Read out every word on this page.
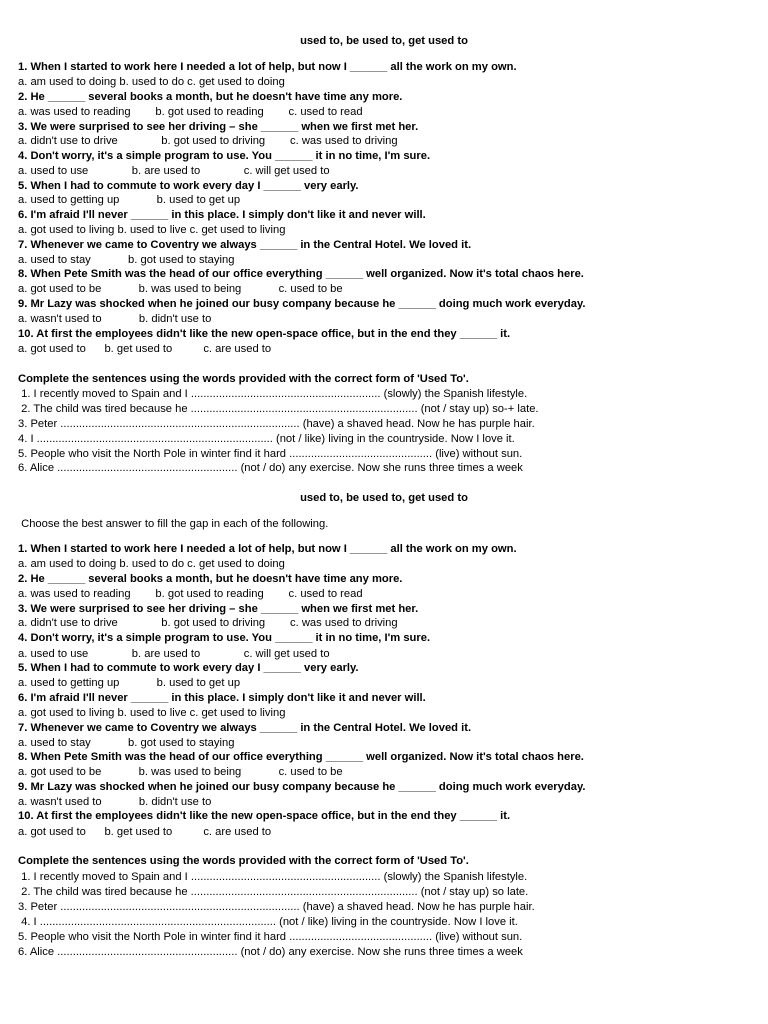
used to, be used to, get used to
1. When I started to work here I needed a lot of help, but now I ______ all the work on my own.
a. am used to doing b. used to do c. get used to doing
2. He ______ several books a month, but he doesn't have time any more.
a. was used to reading        b. got used to reading        c. used to read
3. We were surprised to see her driving – she ______ when we first met her.
a. didn't use to drive              b. got used to driving        c. was used to driving
4. Don't worry, it's a simple program to use. You ______ it in no time, I'm sure.
a. used to use              b. are used to              c. will get used to
5. When I had to commute to work every day I ______ very early.
a. used to getting up            b. used to get up
6. I'm afraid I'll never ______ in this place. I simply don't like it and never will.
a. got used to living b. used to live c. get used to living
7. Whenever we came to Coventry we always ______ in the Central Hotel. We loved it.
a. used to stay            b. got used to staying
8. When Pete Smith was the head of our office everything ______ well organized. Now it's total chaos here.
a. got used to be            b. was used to being            c. used to be
9. Mr Lazy was shocked when he joined our busy company because he ______ doing much work everyday.
a. wasn't used to            b. didn't use to
10. At first the employees didn't like the new open-space office, but in the end they ______ it.
a. got used to      b. get used to          c. are used to
Complete the sentences using the words provided with the correct form of 'Used To'.
1. I recently moved to Spain and I ............................................................. (slowly) the Spanish lifestyle.
2. The child was tired because he ......................................................................... (not / stay up) so-+ late.
3. Peter ............................................................................. (have) a shaved head. Now he has purple hair.
4. I ............................................................................ (not / like) living in the countryside. Now I love it.
5. People who visit the North Pole in winter find it hard .............................................. (live) without sun.
6. Alice .......................................................... (not / do) any exercise. Now she runs three times a week
used to, be used to, get used to
Choose the best answer to fill the gap in each of the following.
1. When I started to work here I needed a lot of help, but now I ______ all the work on my own.
a. am used to doing b. used to do c. get used to doing
2. He ______ several books a month, but he doesn't have time any more.
a. was used to reading        b. got used to reading        c. used to read
3. We were surprised to see her driving – she ______ when we first met her.
a. didn't use to drive              b. got used to driving        c. was used to driving
4. Don't worry, it's a simple program to use. You ______ it in no time, I'm sure.
a. used to use              b. are used to              c. will get used to
5. When I had to commute to work every day I ______ very early.
a. used to getting up            b. used to get up
6. I'm afraid I'll never ______ in this place. I simply don't like it and never will.
a. got used to living b. used to live c. get used to living
7. Whenever we came to Coventry we always ______ in the Central Hotel. We loved it.
a. used to stay            b. got used to staying
8. When Pete Smith was the head of our office everything ______ well organized. Now it's total chaos here.
a. got used to be            b. was used to being            c. used to be
9. Mr Lazy was shocked when he joined our busy company because he ______ doing much work everyday.
a. wasn't used to            b. didn't use to
10. At first the employees didn't like the new open-space office, but in the end they ______ it.
a. got used to      b. get used to          c. are used to
Complete the sentences using the words provided with the correct form of 'Used To'.
1. I recently moved to Spain and I ............................................................. (slowly) the Spanish lifestyle.
2. The child was tired because he ......................................................................... (not / stay up) so late.
3. Peter ............................................................................. (have) a shaved head. Now he has purple hair.
4. I ............................................................................ (not / like) living in the countryside. Now I love it.
5. People who visit the North Pole in winter find it hard .............................................. (live) without sun.
6. Alice .......................................................... (not / do) any exercise. Now she runs three times a week
